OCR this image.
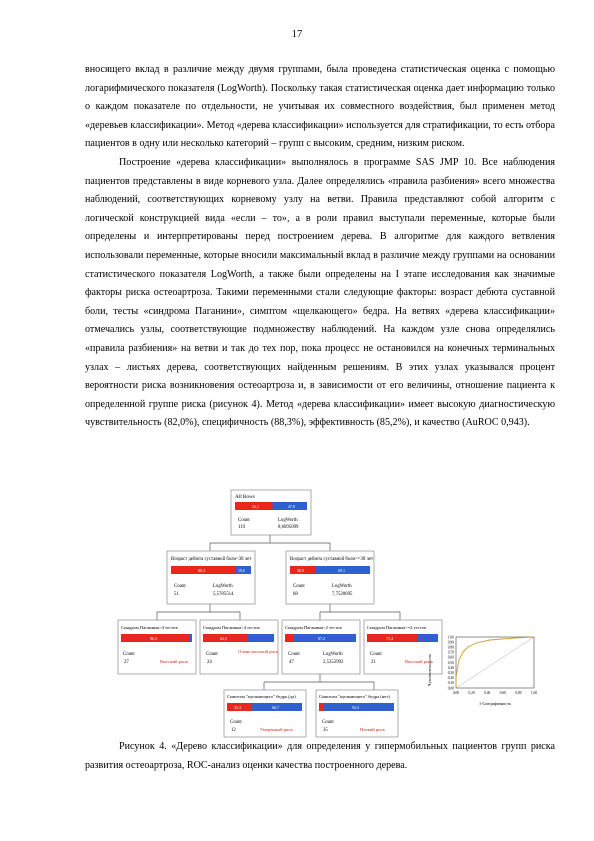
17

вносящего вклад в различие между двумя группами, была проведена статистическая оценка с помощью логарифмического показателя (LogWorth). Поскольку такая статистическая оценка дает информацию только о каждом показателе по отдельности, не учитывая их совместного воздействия, был применен метод «деревьев классификации». Метод «дерева классификации» используется для стратификации, то есть отбора пациентов в одну или несколько категорий – групп с высоким, средним, низким риском.

Построение «дерева классификации» выполнялось в программе SAS JMP 10. Все наблюдения пациентов представлены в виде корневого узла. Далее определялись «правила разбиения» всего множества наблюдений, соответствующих корневому узлу на ветви. Правила представляют собой алгоритм с логической конструкцией вида «если – то», а в роли правил выступали переменные, которые были определены и интерпретированы перед построением дерева. В алгоритме для каждого ветвления использовали переменные, которые вносили максимальный вклад в различие между группами на основании статистического показателя LogWorth, а также были определены на I этапе исследования как значимые факторы риска остеоартроза. Такими переменными стали следующие факторы: возраст дебюта суставной боли, тесты «синдрома Паганини», симптом «щелкающего» бедра. На ветвях «дерева классификации» отмечались узлы, соответствующие подмножеству наблюдений. На каждом узле снова определялись «правила разбиения» на ветви и так до тех пор, пока процесс не остановился на конечных терминальных узлах – листьях дерева, соответствующих найденным решениям. В этих узлах указывался процент вероятности риска возникновения остеоартроза и, в зависимости от его величины, отношение пациента к определенной группе риска (рисунок 4). Метод «дерева классификации» имеет высокую диагностическую чувствительность (82,0%), специфичность (88,3%), эффективность (85,2%), и качество (AuROC 0,943).

All Rows
52,1	47,9
Count
119
LogWorth
8,6095099
Возраст дебюта суставной боли<38 лет
80,4	19,6
Count
51
LogWorth
5,5785514
Возраст дебюта суставной боли>=38 лет
30,9	69,1
Count
68
LogWorth
7,7520695
Синдром Паганини>4 тестов
96,3
Count
27	Высокий риск
Синдром Паганини<4 тестов
62,5
Count
24
Очень высокий риск
Синдром Паганини<2 тестов
87,2
Count
47
LogWorth
2,5352992
Синдром Паганини>=2 тестов
71,4
Count
21	Высокий риск
Симптом "щелкающего" бедра (да)
33,3	66,7
Count
12	Умеренный риск
Симптом "щелкающего" бедра (нет)
94,3
Count
35	Низкий риск
Чувствительность
0,00
0,10
0,20
0,30
0,40
0,50
0,60
0,70
0,80
0,90
1,00
0,00	0,20	0,40	0,60	0,80	1,00
1-Специфичность

Рисунок 4. «Дерево классификации» для определения у гипермобильных пациентов групп риска развития остеоартроза, ROC-анализ оценки качества построенного дерева.
